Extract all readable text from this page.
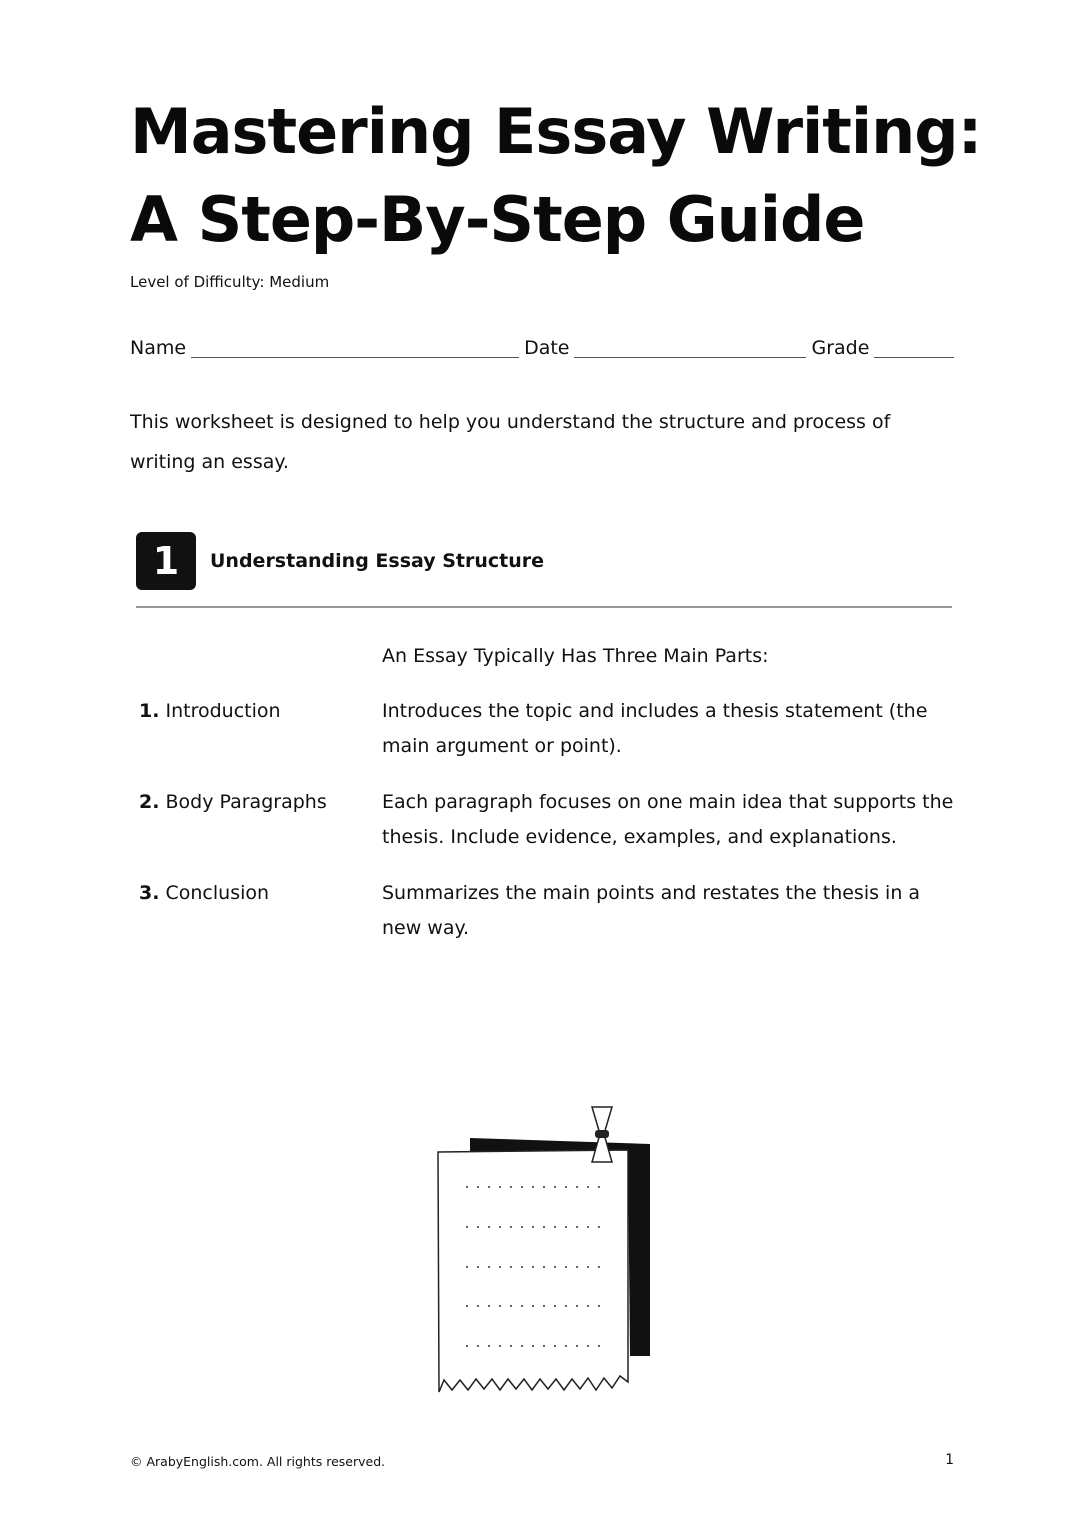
Mastering Essay Writing:
A Step-By-Step Guide
Level of Difficulty: Medium
Name	Date	Grade

This worksheet is designed to help you understand the structure and process of writing an essay.

1	Understanding Essay Structure
An Essay Typically Has Three Main Parts:
1. Introduction	Introduces the topic and includes a thesis statement (the main argument or point).
2. Body Paragraphs	Each paragraph focuses on one main idea that supports the thesis. Include evidence, examples, and explanations.
3. Conclusion	Summarizes the main points and restates the thesis in a new way.
© ArabyEnglish.com. All rights reserved.	1
